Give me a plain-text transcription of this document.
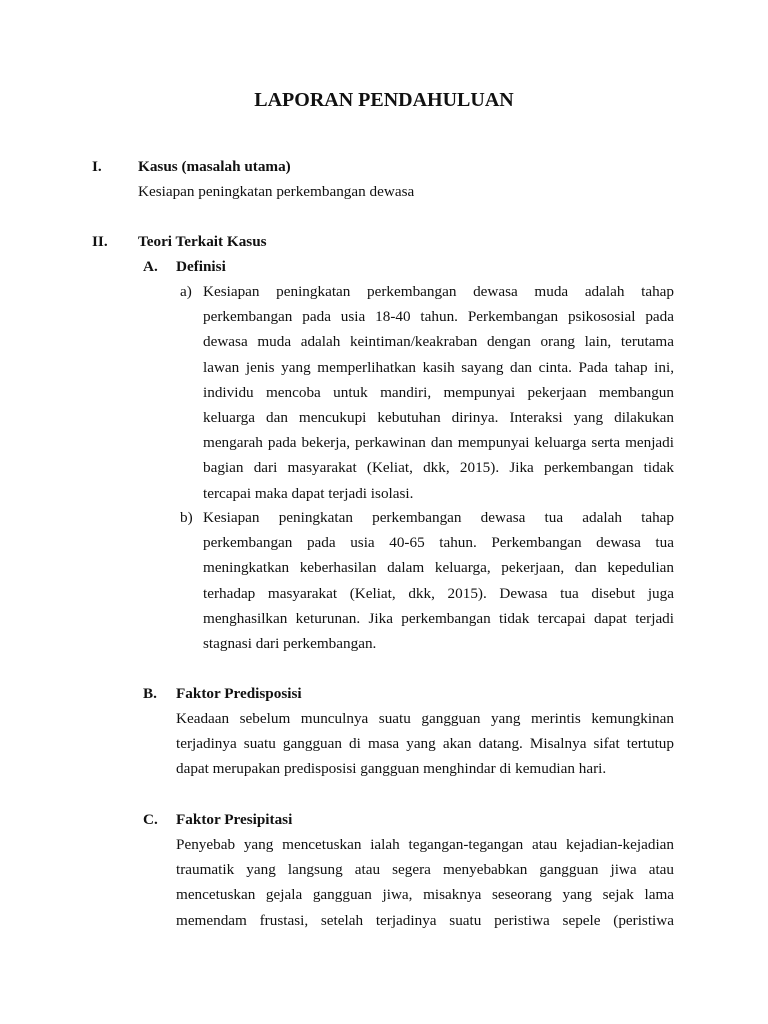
LAPORAN PENDAHULUAN
I. Kasus (masalah utama)
Kesiapan peningkatan perkembangan dewasa
II. Teori Terkait Kasus
A. Definisi
a) Kesiapan peningkatan perkembangan dewasa muda adalah tahap
perkembangan pada usia 18-40 tahun. Perkembangan psikososial pada
dewasa muda adalah keintiman/keakraban dengan orang lain, terutama
lawan jenis yang memperlihatkan kasih sayang dan cinta. Pada tahap ini,
individu mencoba untuk mandiri, mempunyai pekerjaan membangun
keluarga dan mencukupi kebutuhan dirinya. Interaksi yang dilakukan
mengarah pada bekerja, perkawinan dan mempunyai keluarga serta menjadi
bagian dari masyarakat (Keliat, dkk, 2015). Jika perkembangan tidak
tercapai maka dapat terjadi isolasi.
b) Kesiapan peningkatan perkembangan dewasa tua adalah tahap
perkembangan pada usia 40-65 tahun. Perkembangan dewasa tua
meningkatkan keberhasilan dalam keluarga, pekerjaan, dan kepedulian
terhadap masyarakat (Keliat, dkk, 2015). Dewasa tua disebut juga
menghasilkan keturunan. Jika perkembangan tidak tercapai dapat terjadi
stagnasi dari perkembangan.
B. Faktor Predisposisi
Keadaan sebelum munculnya suatu gangguan yang merintis kemungkinan
terjadinya suatu gangguan di masa yang akan datang. Misalnya sifat tertutup
dapat merupakan predisposisi gangguan menghindar di kemudian hari.
C. Faktor Presipitasi
Penyebab yang mencetuskan ialah tegangan-tegangan atau kejadian-kejadian
traumatik yang langsung atau segera menyebabkan gangguan jiwa atau
mencetuskan gejala gangguan jiwa, misaknya seseorang yang sejak lama
memendam frustasi, setelah terjadinya suatu peristiwa sepele (peristiwa
